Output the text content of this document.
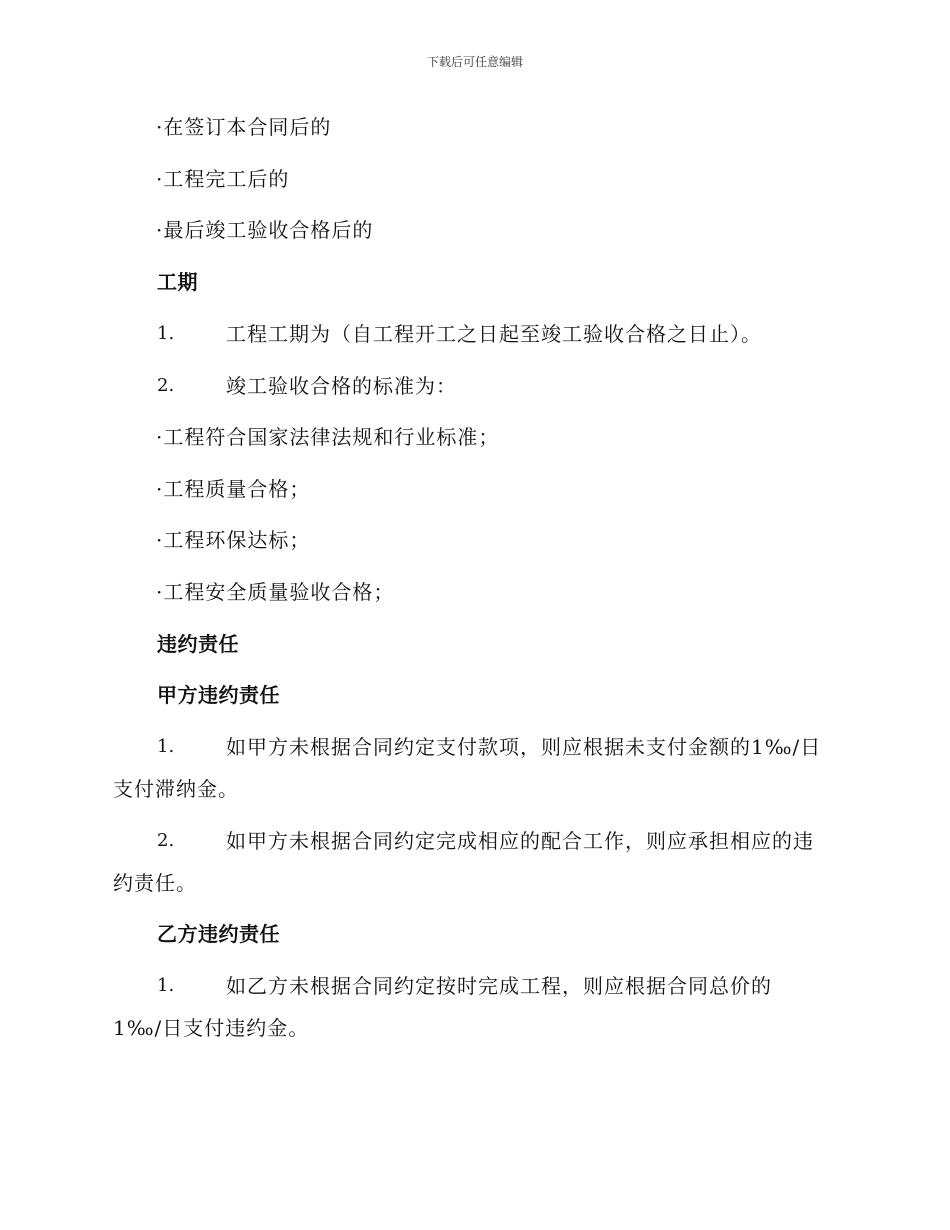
下载后可任意编辑
·在签订本合同后的
·工程完工后的
·最后竣工验收合格后的
工期
1.	工程工期为（自工程开工之日起至竣工验收合格之日止）。
2.	竣工验收合格的标准为：
·工程符合国家法律法规和行业标准；
·工程质量合格；
·工程环保达标；
·工程安全质量验收合格；
违约责任
甲方违约责任
1.	如甲方未根据合同约定支付款项，则应根据未支付金额的1‰/日
支付滞纳金。
2.	如甲方未根据合同约定完成相应的配合工作，则应承担相应的违
约责任。
乙方违约责任
1.	如乙方未根据合同约定按时完成工程，则应根据合同总价的
1‰/日支付违约金。
